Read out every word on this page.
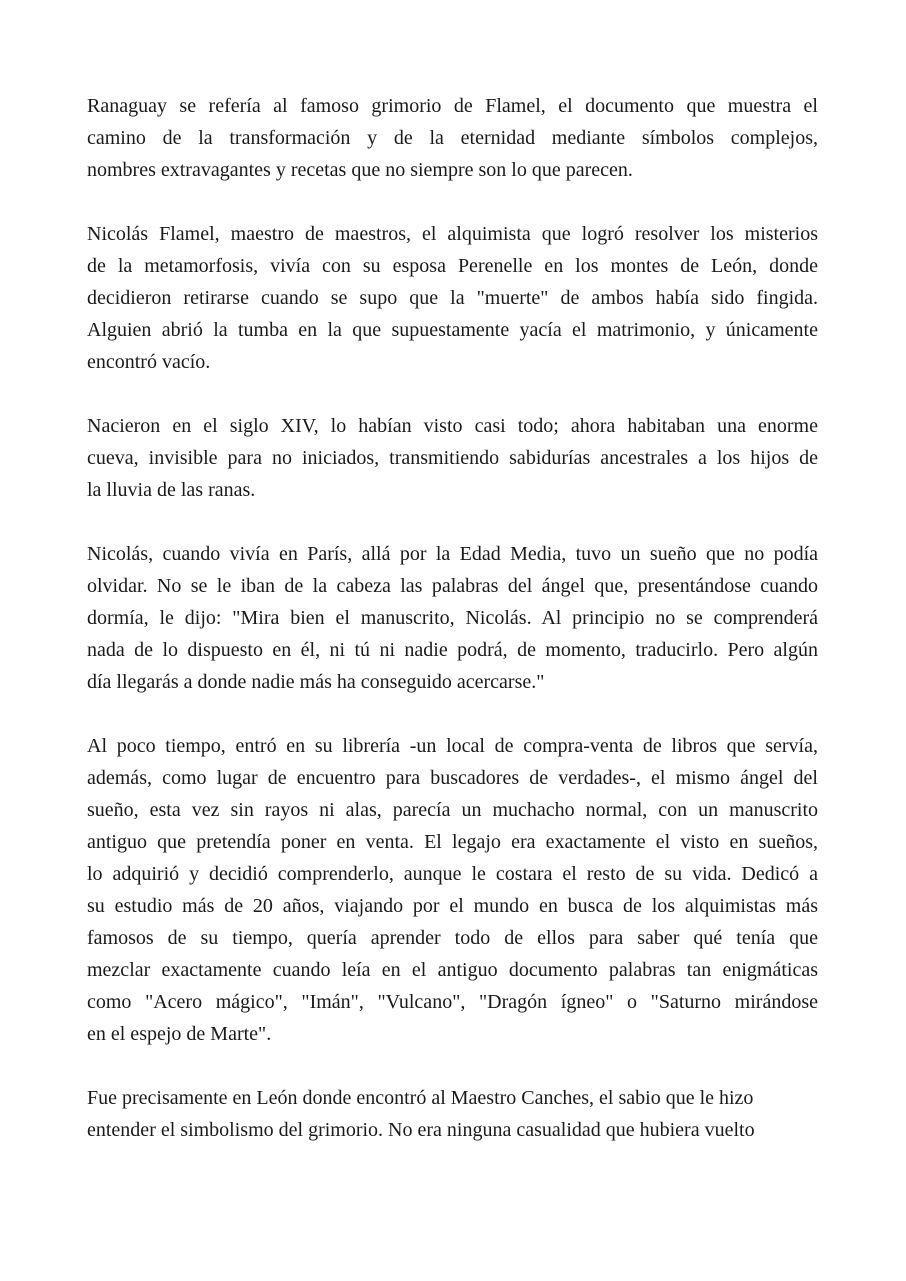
Ranaguay se refería al famoso grimorio de Flamel, el documento que muestra el
camino de la transformación y de la eternidad mediante símbolos complejos,
nombres extravagantes y recetas que no siempre son lo que parecen.
Nicolás Flamel, maestro de maestros, el alquimista que logró resolver los misterios
de la metamorfosis, vivía con su esposa Perenelle en los montes de León, donde
decidieron retirarse cuando se supo que la "muerte" de ambos había sido fingida.
Alguien abrió la tumba en la que supuestamente yacía el matrimonio, y únicamente
encontró vacío.
Nacieron en el siglo XIV, lo habían visto casi todo; ahora habitaban una enorme
cueva, invisible para no iniciados, transmitiendo sabidurías ancestrales a los hijos de
la lluvia de las ranas.
Nicolás, cuando vivía en París, allá por la Edad Media, tuvo un sueño que no podía
olvidar. No se le iban de la cabeza las palabras del ángel que, presentándose cuando
dormía, le dijo: "Mira bien el manuscrito, Nicolás. Al principio no se comprenderá
nada de lo dispuesto en él, ni tú ni nadie podrá, de momento, traducirlo. Pero algún
día llegarás a donde nadie más ha conseguido acercarse."
Al poco tiempo, entró en su librería -un local de compra-venta de libros que servía,
además, como lugar de encuentro para buscadores de verdades-, el mismo ángel del
sueño, esta vez sin rayos ni alas, parecía un muchacho normal, con un manuscrito
antiguo que pretendía poner en venta. El legajo era exactamente el visto en sueños,
lo adquirió y decidió comprenderlo, aunque le costara el resto de su vida. Dedicó a
su estudio más de 20 años, viajando por el mundo en busca de los alquimistas más
famosos de su tiempo, quería aprender todo de ellos para saber qué tenía que
mezclar exactamente cuando leía en el antiguo documento palabras tan enigmáticas
como "Acero mágico", "Imán", "Vulcano", "Dragón ígneo" o "Saturno mirándose
en el espejo de Marte".
Fue precisamente en León donde encontró al Maestro Canches, el sabio que le hizo
entender el simbolismo del grimorio. No era ninguna casualidad que hubiera vuelto
